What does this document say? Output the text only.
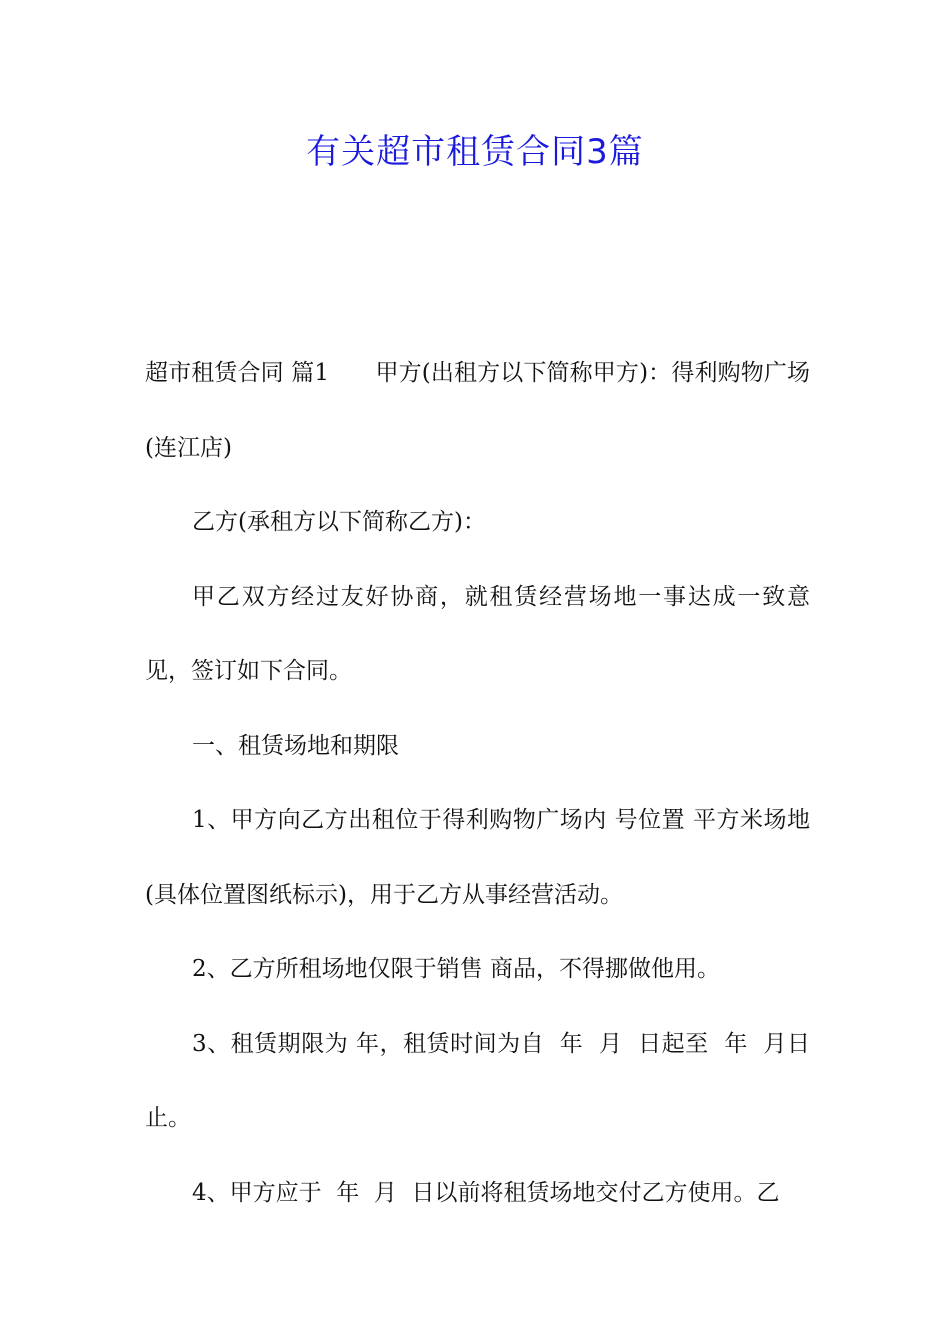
有关超市租赁合同3篇

超市租赁合同 篇1　　甲方(出租方以下简称甲方)：得利购物广场(连江店)

乙方(承租方以下简称乙方)：

甲乙双方经过友好协商，就租赁经营场地一事达成一致意见，签订如下合同。

一、租赁场地和期限

1、甲方向乙方出租位于得利购物广场内 号位置 平方米场地(具体位置图纸标示)，用于乙方从事经营活动。

2、乙方所租场地仅限于销售 商品，不得挪做他用。

3、租赁期限为 年，租赁时间为自  年  月  日起至  年  月日止。

4、甲方应于  年  月  日以前将租赁场地交付乙方使用。乙
